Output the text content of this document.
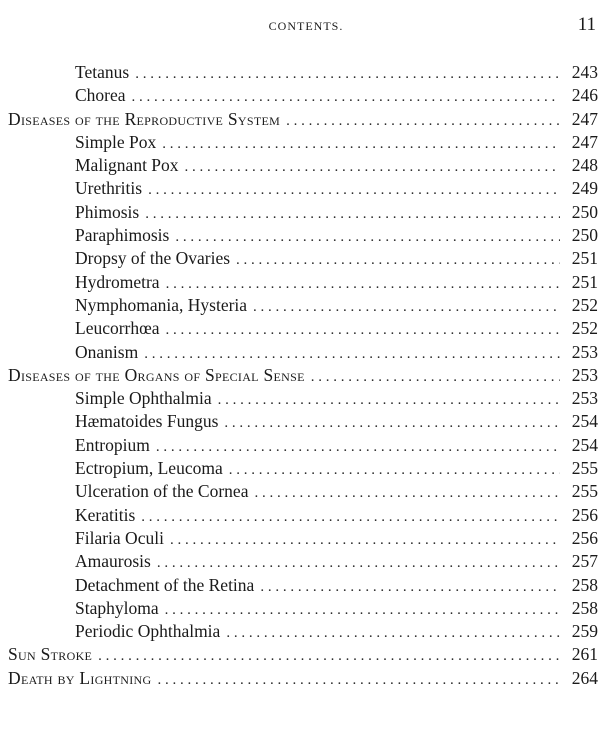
CONTENTS.	11
Tetanus . . .	243
Chorea . . .	246
Diseases of the Reproductive System . . .	247
Simple Pox . . .	247
Malignant Pox . . .	248
Urethritis . . .	249
Phimosis . . .	250
Paraphimosis . . .	250
Dropsy of the Ovaries . . .	251
Hydrometra . . .	251
Nymphomania, Hysteria . . .	252
Leucorrhœa . . .	252
Onanism . . .	253
Diseases of the Organs of Special Sense . . .	253
Simple Ophthalmia . . .	253
Hæmatoides Fungus . . .	254
Entropium . . .	254
Ectropium, Leucoma . . .	255
Ulceration of the Cornea . . .	255
Keratitis . . .	256
Filaria Oculi . . .	256
Amaurosis . . .	257
Detachment of the Retina . . .	258
Staphyloma . . .	258
Periodic Ophthalmia . . .	259
Sun Stroke . . .	261
Death by Lightning . . .	264
